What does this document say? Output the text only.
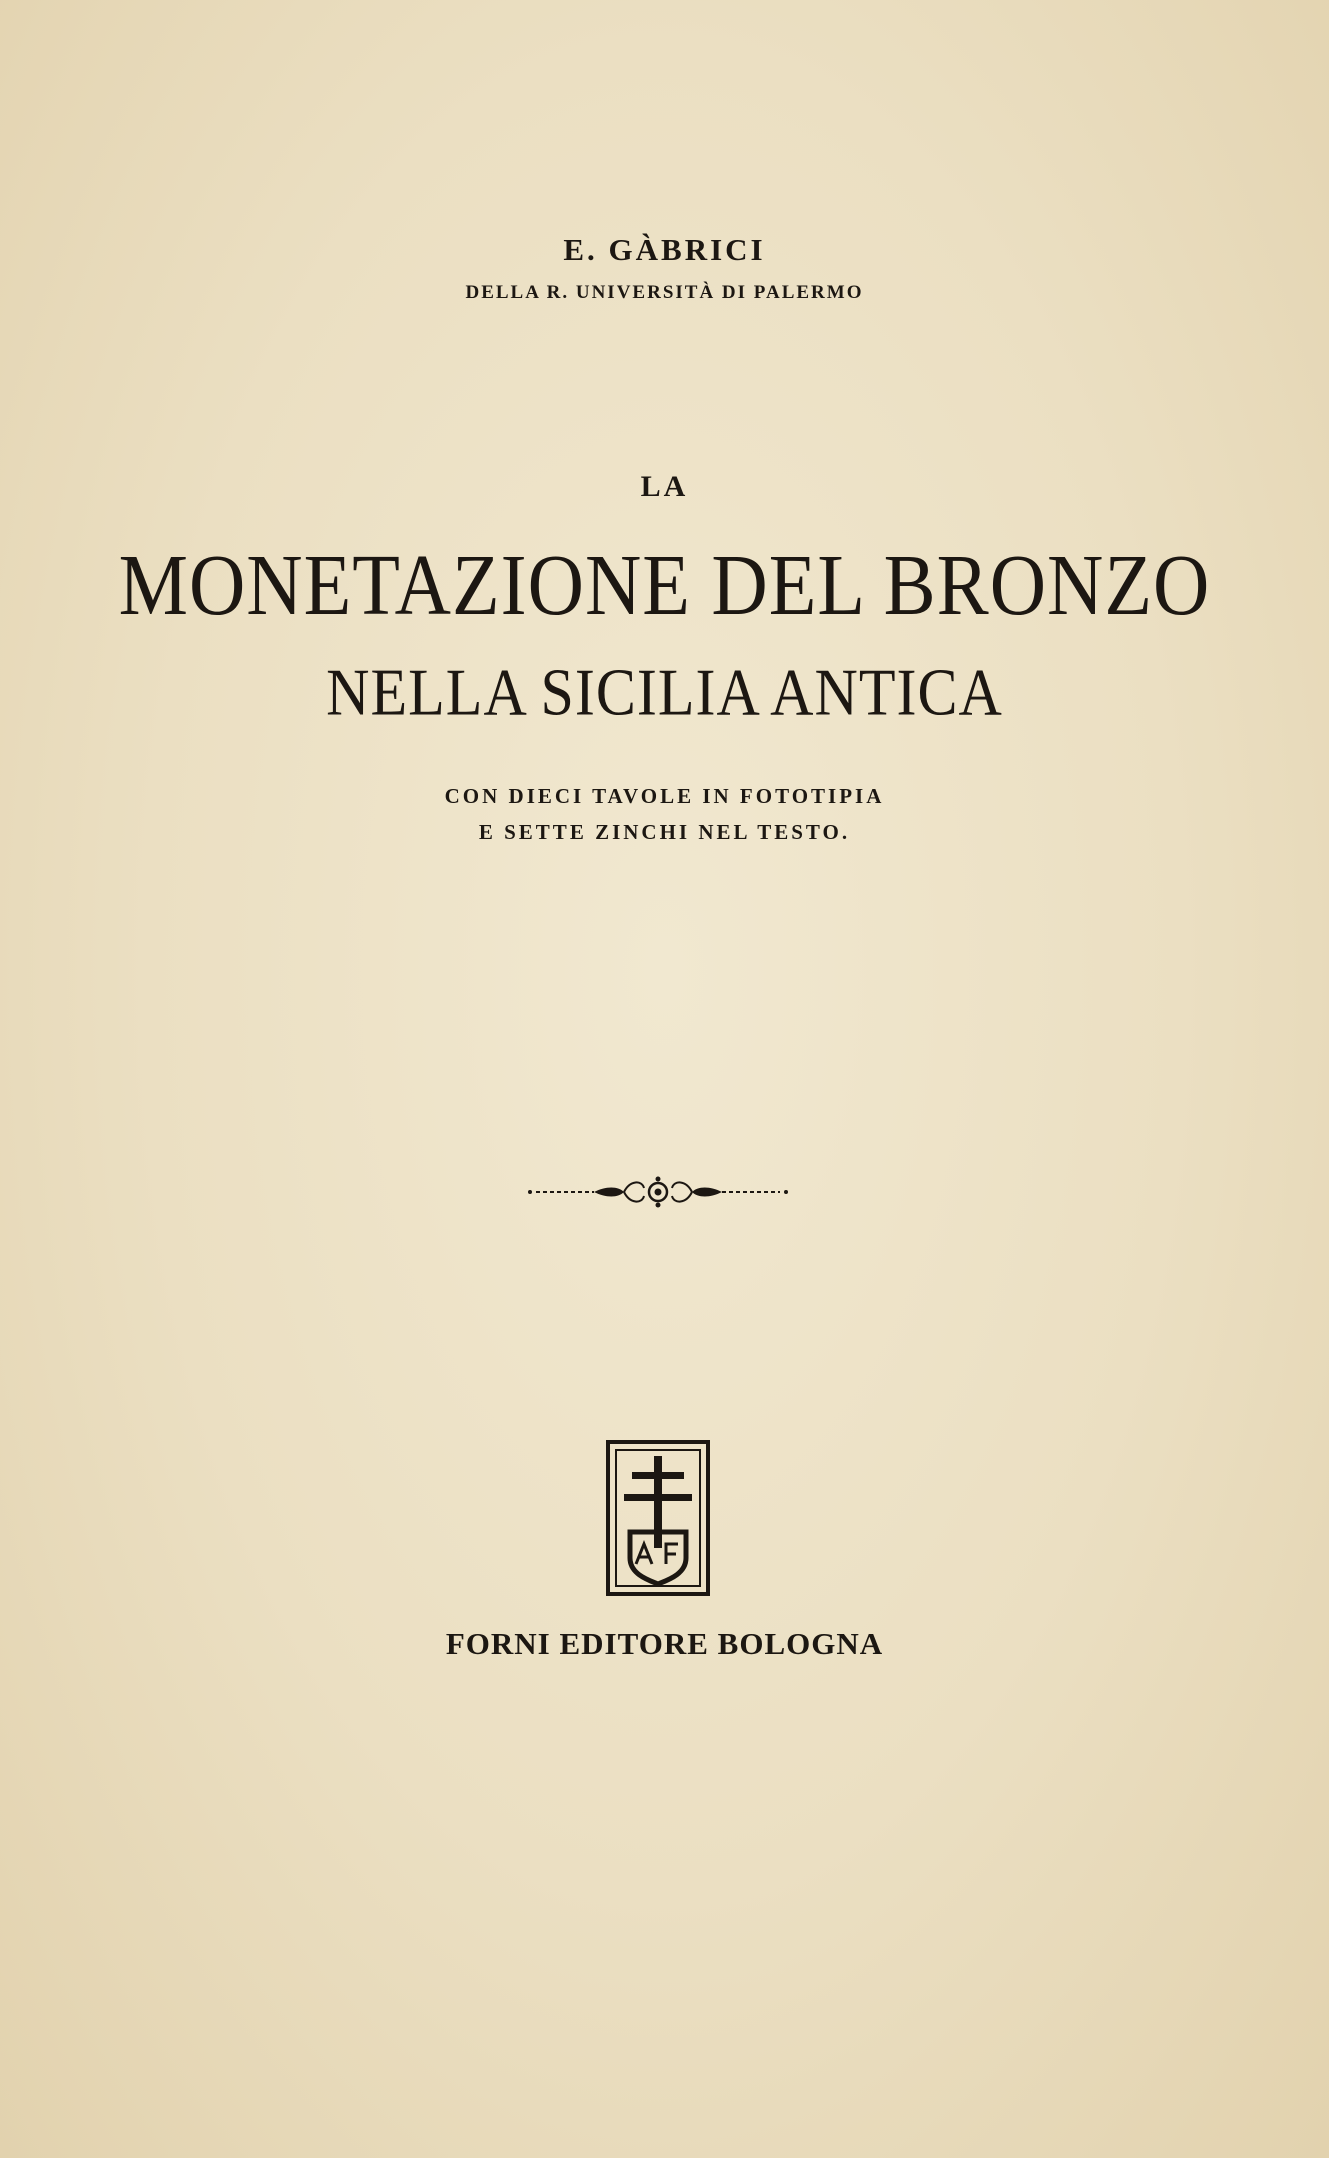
E. GÀBRICI
DELLA R. UNIVERSITÀ DI PALERMO
LA
MONETAZIONE DEL BRONZO
NELLA SICILIA ANTICA
CON DIECI TAVOLE IN FOTOTIPIA
E SETTE ZINCHI NEL TESTO.
FORNI EDITORE BOLOGNA
